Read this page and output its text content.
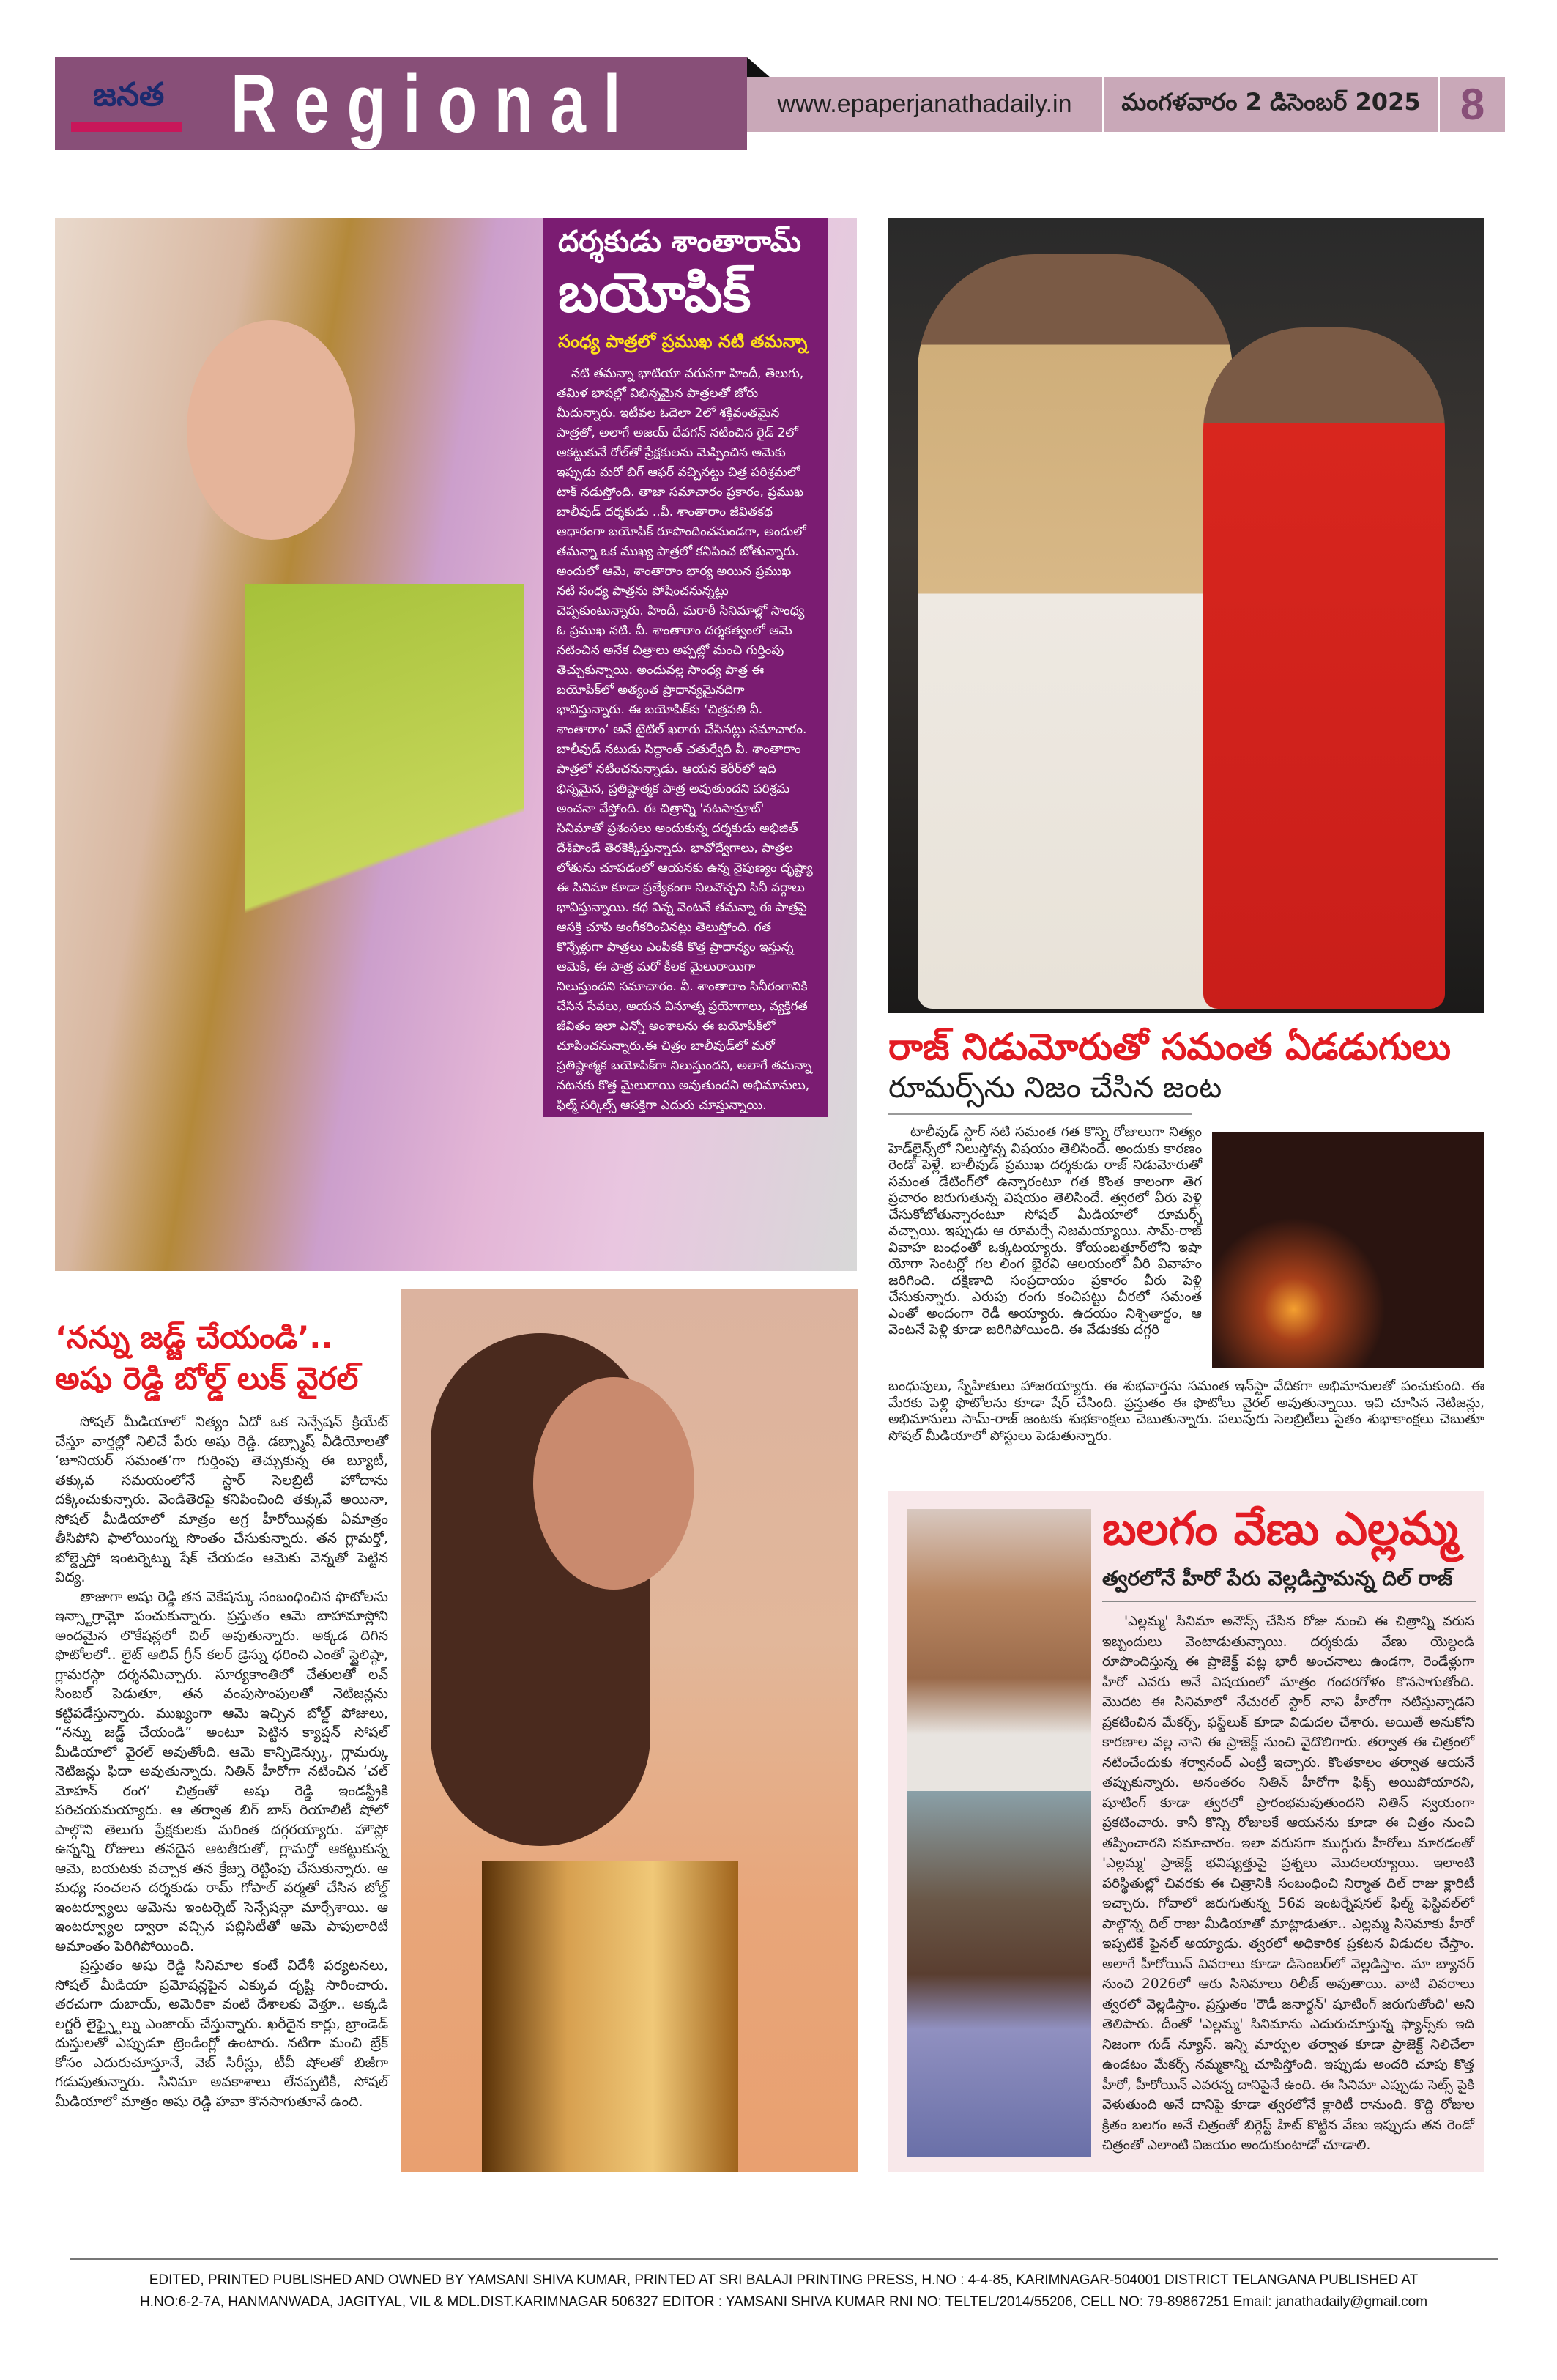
జనత Regional	www.epaperjanathadaily.in	మంగళవారం 2 డిసెంబర్ 2025 8
దర్శకుడు శాంతారామ్
బయోపిక్
సంధ్య పాత్రలో ప్రముఖ నటి తమన్నా
నటి తమన్నా భాటియా వరుసగా హిందీ, తెలుగు, తమిళ భాషల్లో విభిన్నమైన పాత్రలతో జోరు మీదున్నారు. ఇటీవల ఓదెలా 2లో శక్తివంతమైన పాత్రతో, అలాగే అజయ్ దేవగన్ నటించిన రైడ్ 2లో ఆకట్టుకునే రోల్‌తో ప్రేక్షకులను మెప్పించిన ఆమెకు ఇప్పుడు మరో బిగ్ ఆఫర్ వచ్చినట్టు చిత్ర పరిశ్రమలో టాక్ నడుస్తోంది. తాజా సమాచారం ప్రకారం, ప్రముఖ బాలీవుడ్ దర్శకుడు ..వీ. శాంతారాం జీవితకథ ఆధారంగా బయోపిక్ రూపొందించనుండగా, అందులో తమన్నా ఒక ముఖ్య పాత్రలో కనిపించ బోతున్నారు. అందులో ఆమె, శాంతారాం భార్య అయిన ప్రముఖ నటి సంధ్య పాత్రను పోషించనున్నట్లు చెప్పకుంటున్నారు. హిందీ, మరాఠీ సినిమాల్లో సాంధ్య ఓ ప్రముఖ నటి. వీ. శాంతారాం దర్శకత్వంలో ఆమె నటించిన అనేక చిత్రాలు అప్పట్లో మంచి గుర్తింపు తెచ్చుకున్నాయి. అందువల్ల సాంధ్య పాత్ర ఈ బయోపిక్‌లో అత్యంత ప్రాధాన్యమైనదిగా భావిస్తున్నారు. ఈ బయోపిక్‌కు ‘చిత్రపతి వీ. శాంతారాం‘ అనే టైటిల్ ఖరారు చేసినట్లు సమాచారం. బాలీవుడ్ నటుడు సిద్ధాంత్ చతుర్వేది వీ. శాంతారాం పాత్రలో నటించనున్నాడు. ఆయన కెరీర్‌లో ఇది భిన్నమైన, ప్రతిష్టాత్మక పాత్ర అవుతుందని పరిశ్రమ అంచనా వేస్తోంది. ఈ చిత్రాన్ని 'నటసామ్రాట్' సినిమాతో ప్రశంసలు అందుకున్న దర్శకుడు అభిజిత్ దేశ్‌పాండే తెరకెక్కిస్తున్నారు. భావోద్వేగాలు, పాత్రల లోతును చూపడంలో ఆయనకు ఉన్న నైపుణ్యం దృష్ట్యా ఈ సినిమా కూడా ప్రత్యేకంగా నిలవొచ్చని సినీ వర్గాలు భావిస్తున్నాయి. కథ విన్న వెంటనే తమన్నా ఈ పాత్రపై ఆసక్తి చూపి అంగీకరించినట్లు తెలుస్తోంది. గత కొన్నేళ్లుగా పాత్రలు ఎంపికకి కొత్త ప్రాధాన్యం ఇస్తున్న ఆమెకి, ఈ పాత్ర మరో కీలక మైలురాయిగా నిలుస్తుందని సమాచారం. వీ. శాంతారాం సినీరంగానికి చేసిన సేవలు, ఆయన వినూత్న ప్రయోగాలు, వ్యక్తిగత జీవితం ఇలా ఎన్నో అంశాలను ఈ బయోపిక్‌లో చూపించనున్నారు.ఈ చిత్రం బాలీవుడ్‌లో మరో ప్రతిష్టాత్మక బయోపిక్‌గా నిలుస్తుందని, అలాగే తమన్నా నటనకు కొత్త మైలురాయి అవుతుందని అభిమానులు, ఫిల్మ్ సర్కిల్స్ ఆసక్తిగా ఎదురు చూస్తున్నాయి.
రాజ్ నిడుమోరుతో సమంత ఏడడుగులు
రూమర్స్‌ను నిజం చేసిన జంట
టాలీవుడ్ స్టార్ నటి సమంత గత కొన్ని రోజులుగా నిత్యం హెడ్‌లైన్స్‌లో నిలుస్తోన్న విషయం తెలిసిందే. అందుకు కారణం రెండో పెళ్లే. బాలీవుడ్ ప్రముఖ దర్శకుడు రాజ్ నిడుమోరుతో సమంత డేటింగ్‌లో ఉన్నారంటూ గత కొంత కాలంగా తెగ ప్రచారం జరుగుతున్న విషయం తెలిసిందే. త్వరలో వీరు పెళ్లి చేసుకోబోతున్నారంటూ సోషల్ మీడియాలో రూమర్స్ వచ్చాయి. ఇప్పుడు ఆ రూమర్సే నిజమయ్యాయి. సామ్-రాజ్ వివాహ బంధంతో ఒక్కటయ్యారు. కోయంబత్తూర్‌లోని ఇషా యోగా సెంటర్లో గల లింగ భైరవి ఆలయంలో వీరి వివాహం జరిగింది. దక్షిణాది సంప్రదాయం ప్రకారం వీరు పెళ్లి చేసుకున్నారు. ఎరుపు రంగు కంచిపట్టు చీరలో సమంత ఎంతో అందంగా రెడీ అయ్యారు. ఉదయం నిశ్చితార్థం, ఆ వెంటనే పెళ్లి కూడా జరిగిపోయింది. ఈ వేడుకకు దగ్గరి
బంధువులు, స్నేహితులు హాజరయ్యారు. ఈ శుభవార్తను సమంత ఇన్‌స్టా వేదికగా అభిమానులతో పంచుకుంది. ఈ మేరకు పెళ్లి ఫొటోలను కూడా షేర్ చేసింది. ప్రస్తుతం ఈ ఫొటోలు వైరల్ అవుతున్నాయి. ఇవి చూసిన నెటిజన్లు, అభిమానులు సామ్-రాజ్ జంటకు శుభకాంక్షలు చెబుతున్నారు. పలువురు సెలబ్రిటీలు సైతం శుభాకాంక్షలు చెబుతూ సోషల్ మీడియాలో పోస్టులు పెడుతున్నారు.
‘నన్ను జడ్జ్ చేయండి’.. అషు రెడ్డి బోల్డ్ లుక్ వైరల్

సోషల్ మీడియాలో నిత్యం ఏదో ఒక సెన్సేషన్ క్రియేట్ చేస్తూ వార్తల్లో నిలిచే పేరు అషు రెడ్డి. డబ్స్మాష్ వీడియోలతో ‘జూనియర్ సమంత’గా గుర్తింపు తెచ్చుకున్న ఈ బ్యూటీ, తక్కువ సమయంలోనే స్టార్ సెలబ్రిటీ హోదాను దక్కించుకున్నారు. వెండితెరపై కనిపించింది తక్కువే అయినా, సోషల్ మీడియాలో మాత్రం అగ్ర హీరోయిన్లకు ఏమాత్రం తీసిపోని ఫాలోయింగ్ను సొంతం చేసుకున్నారు. తన గ్లామర్తో, బోల్డ్నెస్తో ఇంటర్నెట్ను షేక్ చేయడం ఆమెకు వెన్నతో పెట్టిన విద్య.

తాజాగా అషు రెడ్డి తన వెకేషన్కు సంబంధించిన ఫొటోలను ఇన్స్టాగ్రామ్లో పంచుకున్నారు. ప్రస్తుతం ఆమె బాహామాస్లోని అందమైన లొకేషన్లలో చిల్ అవుతున్నారు. అక్కడ దిగిన ఫొటోలలో.. లైట్ ఆలివ్ గ్రీన్ కలర్ డ్రెస్ను ధరించి ఎంతో స్టైలిష్గా, గ్లామరస్గా దర్శనమిచ్చారు. సూర్యకాంతిలో చేతులతో లవ్ సింబల్ పెడుతూ, తన వంపుసొంపులతో నెటిజన్లను కట్టిపడేస్తున్నారు. ముఖ్యంగా ఆమె ఇచ్చిన బోల్డ్ పోజులు, “నన్ను జడ్జ్ చేయండి” అంటూ పెట్టిన క్యాప్షన్ సోషల్ మీడియాలో వైరల్ అవుతోంది. ఆమె కాన్ఫిడెన్స్కు, గ్లామర్కు నెటిజన్లు ఫిదా అవుతున్నారు. నితిన్ హీరోగా నటించిన ‘చల్ మోహన్ రంగ’ చిత్రంతో అషు రెడ్డి ఇండస్ట్రీకి పరిచయమయ్యారు. ఆ తర్వాత బిగ్ బాస్ రియాలిటీ షోలో పాల్గొని తెలుగు ప్రేక్షకులకు మరింత దగ్గరయ్యారు. హౌస్లో ఉన్నన్ని రోజులు తనదైన ఆటతీరుతో, గ్లామర్తో ఆకట్టుకున్న ఆమె, బయటకు వచ్చాక తన క్రేజ్ను రెట్టింపు చేసుకున్నారు. ఆ మధ్య సంచలన దర్శకుడు రామ్ గోపాల్ వర్మతో చేసిన బోల్డ్ ఇంటర్వ్యూలు ఆమెను ఇంటర్నెట్ సెన్సేషన్గా మార్చేశాయి. ఆ ఇంటర్వ్యూల ద్వారా వచ్చిన పబ్లిసిటీతో ఆమె పాపులారిటీ అమాంతం పెరిగిపోయింది.

ప్రస్తుతం అషు రెడ్డి సినిమాల కంటే విదేశీ పర్యటనలు, సోషల్ మీడియా ప్రమోషన్లపైన ఎక్కువ దృష్టి సారించారు. తరచుగా దుబాయ్, అమెరికా వంటి దేశాలకు వెళ్తూ.. అక్కడి లగ్జరీ లైఫ్స్టైల్ను ఎంజాయ్ చేస్తున్నారు. ఖరీదైన కార్లు, బ్రాండెడ్ దుస్తులతో ఎప్పుడూ ట్రెండింగ్లో ఉంటారు. నటిగా మంచి బ్రేక్ కోసం ఎదురుచూస్తూనే, వెబ్ సిరీస్లు, టీవీ షోలతో బిజీగా గడుపుతున్నారు. సినిమా అవకాశాలు లేనప్పటికీ, సోషల్ మీడియాలో మాత్రం అషు రెడ్డి హవా కొనసాగుతూనే ఉంది.

బలగం వేణు ఎల్లమ్మ
త్వరలోనే హీరో పేరు వెల్లడిస్తామన్న దిల్ రాజ్
'ఎల్లమ్మ' సినిమా అనౌన్స్ చేసిన రోజు నుంచి ఈ చిత్రాన్ని వరుస ఇబ్బందులు వెంటాడుతున్నాయి. దర్శకుడు వేణు యెల్దండి రూపొందిస్తున్న ఈ ప్రాజెక్ట్ పట్ల భారీ అంచనాలు ఉండగా, రెండేళ్లుగా హీరో ఎవరు అనే విషయంలో మాత్రం గందరగోళం కొనసాగుతోంది. మొదట ఈ సినిమాలో నేచురల్ స్టార్ నాని హీరోగా నటిస్తున్నాడని ప్రకటించిన మేకర్స్, ఫస్ట్‌లుక్ కూడా విడుదల చేశారు. అయితే అనుకోని కారణాల వల్ల నాని ఈ ప్రాజెక్ట్ నుంచి వైదొలిగారు. తర్వాత ఈ చిత్రంలో నటించేందుకు శర్వానంద్ ఎంట్రీ ఇచ్చారు. కొంతకాలం తర్వాత ఆయనే తప్పుకున్నారు. అనంతరం నితిన్ హీరోగా ఫిక్స్ అయిపోయారని, షూటింగ్ కూడా త్వరలో ప్రారంభమవుతుందని నితిన్ స్వయంగా ప్రకటించారు. కానీ కొన్ని రోజులకే ఆయనను కూడా ఈ చిత్రం నుంచి తప్పించారని సమాచారం. ఇలా వరుసగా ముగ్గురు హీరోలు మారడంతో 'ఎల్లమ్మ' ప్రాజెక్ట్ భవిష్యత్తుపై ప్రశ్నలు మొదలయ్యాయి. ఇలాంటి పరిస్థితుల్లో చివరకు ఈ చిత్రానికి సంబంధించి నిర్మాత దిల్ రాజు క్లారిటీ ఇచ్చారు. గోవాలో జరుగుతున్న 56వ ఇంటర్నేషనల్ ఫిల్మ్ ఫెస్టివల్‌లో పాల్గొన్న దిల్ రాజు మీడియాతో మాట్లాడుతూ.. ఎల్లమ్మ సినిమాకు హీరో ఇప్పటికే ఫైనల్ అయ్యాడు. త్వరలో అధికారిక ప్రకటన విడుదల చేస్తాం. అలాగే హీరోయిన్ వివరాలు కూడా డిసెంబర్‌లో వెల్లడిస్తాం. మా బ్యానర్ నుంచి 2026లో ఆరు సినిమాలు రిలీజ్ అవుతాయి. వాటి వివరాలు త్వరలో వెల్లడిస్తాం. ప్రస్తుతం 'రౌడీ జనార్ధన్' షూటింగ్ జరుగుతోంది' అని తెలిపారు. దీంతో 'ఎల్లమ్మ' సినిమాను ఎదురుచూస్తున్న ఫ్యాన్స్‌కు ఇది నిజంగా గుడ్ న్యూస్. ఇన్ని మార్పుల తర్వాత కూడా ప్రాజెక్ట్ నిలిచేలా ఉండటం మేకర్స్ నమ్మకాన్ని చూపిస్తోంది. ఇప్పుడు అందరి చూపు కొత్త హీరో, హీరోయిన్ ఎవరన్న దానిపైనే ఉంది. ఈ సినిమా ఎప్పుడు సెట్స్ పైకి వెళుతుంది అనే దానిపై కూడా త్వరలోనే క్లారిటీ రానుంది. కొద్ది రోజుల క్రితం బలగం అనే చిత్రంతో బిగ్గెస్ట్ హిట్ కొట్టిన వేణు ఇప్పుడు తన రెండో చిత్రంతో ఎలాంటి విజయం అందుకుంటాడో చూడాలి.
EDITED, PRINTED PUBLISHED AND OWNED BY YAMSANI SHIVA KUMAR, PRINTED AT SRI BALAJI PRINTING PRESS, H.NO : 4-4-85, KARIMNAGAR-504001 DISTRICT TELANGANA PUBLISHED AT
H.NO:6-2-7A, HANMANWADA, JAGITYAL, VIL & MDL.DIST.KARIMNAGAR 506327 EDITOR : YAMSANI SHIVA KUMAR RNI NO: TELTEL/2014/55206, CELL NO: 79-89867251 Email: janathadaily@gmail.com
